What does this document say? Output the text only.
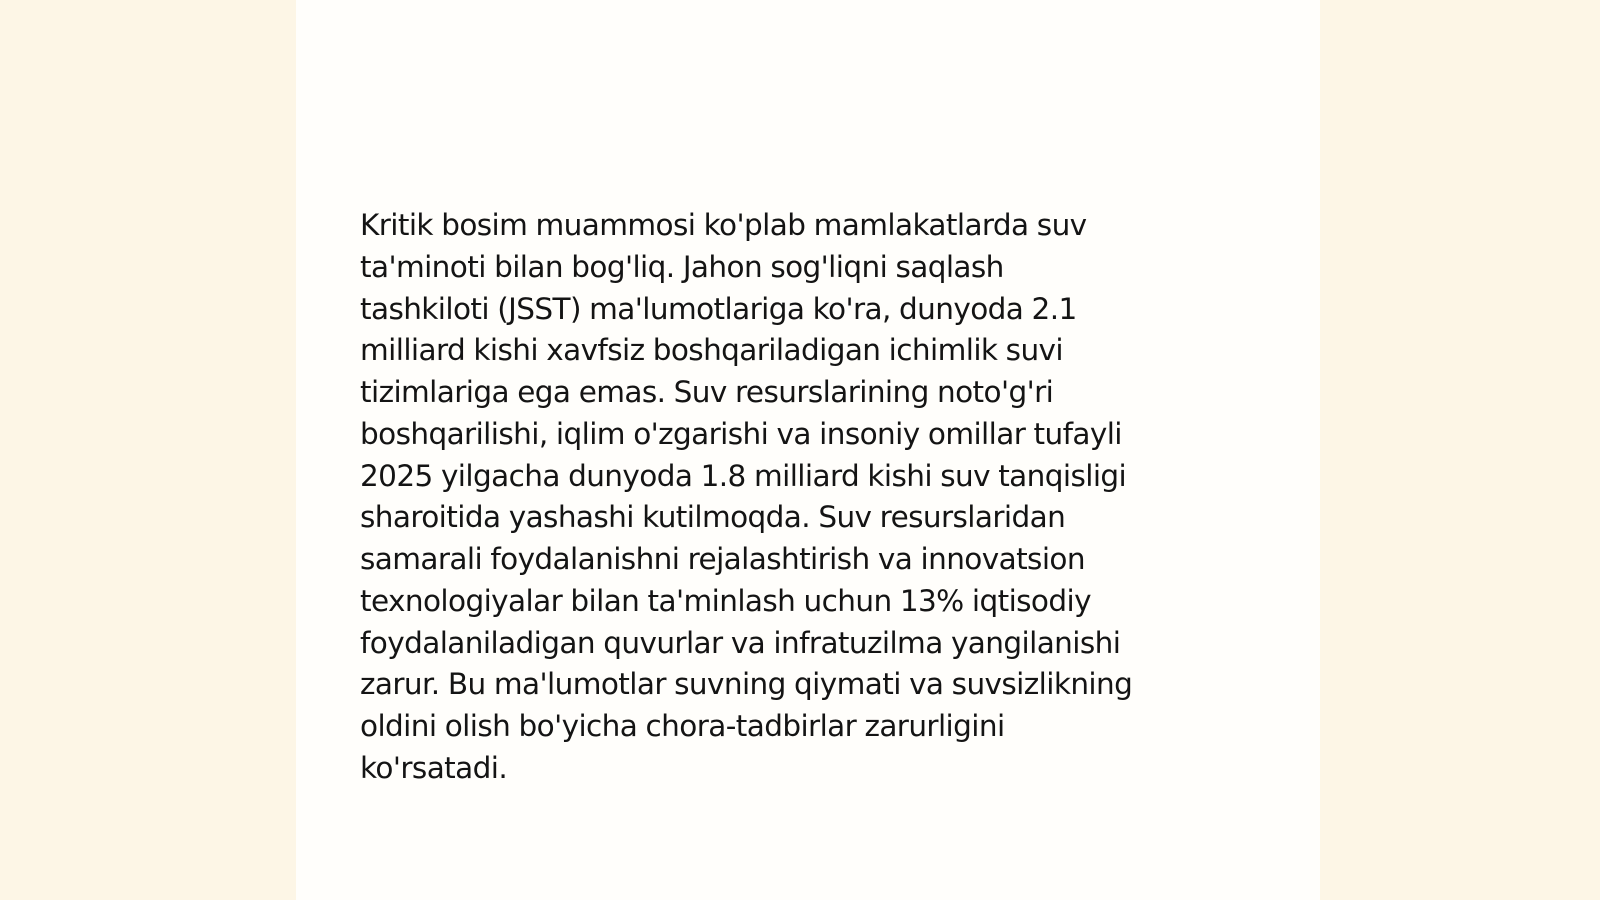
Kritik bosim muammosi ko'plab mamlakatlarda suv
ta'minoti bilan bog'liq. Jahon sog'liqni saqlash
tashkiloti (JSST) ma'lumotlariga ko'ra, dunyoda 2.1
milliard kishi xavfsiz boshqariladigan ichimlik suvi
tizimlariga ega emas. Suv resurslarining noto'g'ri
boshqarilishi, iqlim o'zgarishi va insoniy omillar tufayli
2025 yilgacha dunyoda 1.8 milliard kishi suv tanqisligi
sharoitida yashashi kutilmoqda. Suv resurslaridan
samarali foydalanishni rejalashtirish va innovatsion
texnologiyalar bilan ta'minlash uchun 13% iqtisodiy
foydalaniladigan quvurlar va infratuzilma yangilanishi
zarur. Bu ma'lumotlar suvning qiymati va suvsizlikning
oldini olish bo'yicha chora-tadbirlar zarurligini
ko'rsatadi.
